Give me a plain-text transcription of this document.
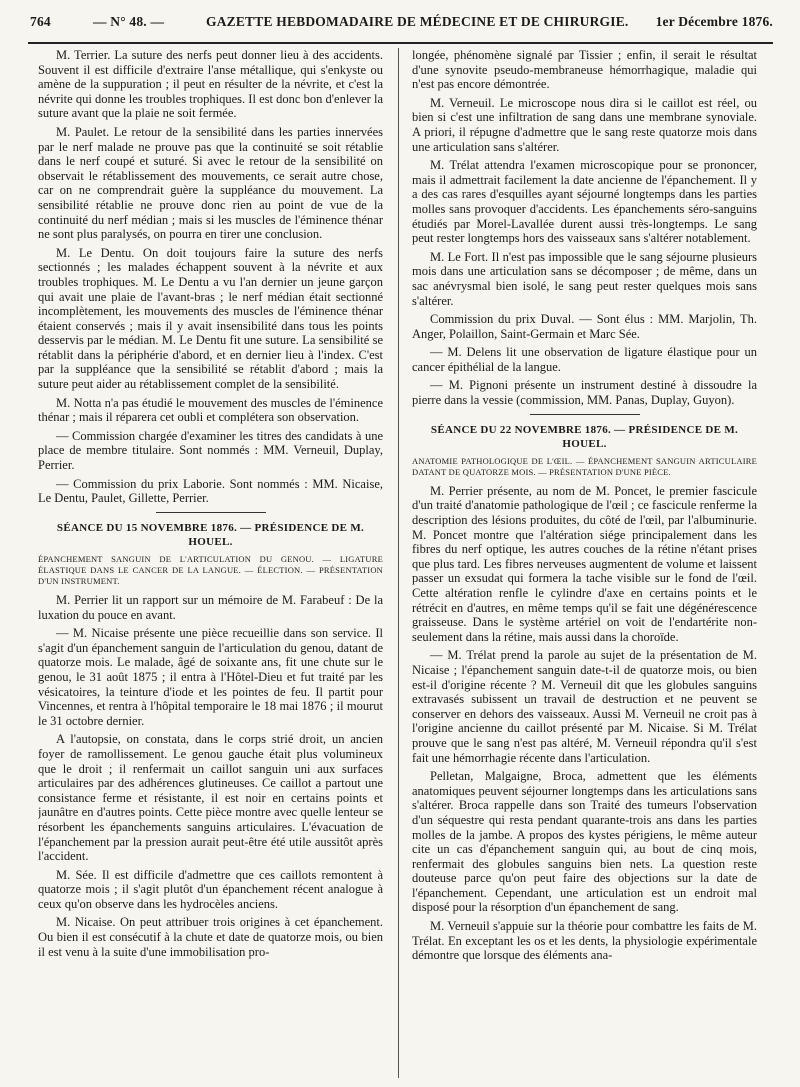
764	— N° 48. —	GAZETTE HEBDOMADAIRE DE MÉDECINE ET DE CHIRURGIE. 1er Décembre 1876.

M. Terrier. La suture des nerfs peut donner lieu à des accidents. Souvent il est difficile d'extraire l'anse métallique, qui s'enkyste ou amène de la suppuration ; il peut en résulter de la névrite, et c'est la névrite qui donne les troubles trophiques. Il est donc bon d'enlever la suture avant que la plaie ne soit fermée.

M. Paulet. Le retour de la sensibilité dans les parties innervées par le nerf malade ne prouve pas que la continuité se soit rétablie dans le nerf coupé et suturé. Si avec le retour de la sensibilité on observait le rétablissement des mouvements, ce serait autre chose, car on ne comprendrait guère la suppléance du mouvement. La sensibilité rétablie ne prouve donc rien au point de vue de la continuité du nerf médian ; mais si les muscles de l'éminence thénar ne sont plus paralysés, on pourra en tirer une conclusion.

M. Le Dentu. On doit toujours faire la suture des nerfs sectionnés ; les malades échappent souvent à la névrite et aux troubles trophiques. M. Le Dentu a vu l'an dernier un jeune garçon qui avait une plaie de l'avant-bras ; le nerf médian était sectionné incomplètement, les mouvements des muscles de l'éminence thénar étaient conservés ; mais il y avait insensibilité dans tous les points desservis par le médian. M. Le Dentu fit une suture. La sensibilité se rétablit dans la périphérie d'abord, et en dernier lieu à l'index. C'est par la suppléance que la sensibilité se rétablit d'abord ; mais la suture peut aider au rétablissement complet de la sensibilité.

M. Notta n'a pas étudié le mouvement des muscles de l'éminence thénar ; mais il réparera cet oubli et complétera son observation.

— Commission chargée d'examiner les titres des candidats à une place de membre titulaire. Sont nommés : MM. Verneuil, Duplay, Perrier.

— Commission du prix Laborie. Sont nommés : MM. Nicaise, Le Dentu, Paulet, Gillette, Perrier.

SÉANCE DU 15 NOVEMBRE 1876. — PRÉSIDENCE DE M. HOUEL.
ÉPANCHEMENT SANGUIN DE L'ARTICULATION DU GENOU. — LIGATURE ÉLASTIQUE DANS LE CANCER DE LA LANGUE. — ÉLECTION. — PRÉSENTATION D'UN INSTRUMENT.

M. Perrier lit un rapport sur un mémoire de M. Farabeuf : De la luxation du pouce en avant.

— M. Nicaise présente une pièce recueillie dans son service. Il s'agit d'un épanchement sanguin de l'articulation du genou, datant de quatorze mois. Le malade, âgé de soixante ans, fit une chute sur le genou, le 31 août 1875 ; il entra à l'Hôtel-Dieu et fut traité par les vésicatoires, la teinture d'iode et les pointes de feu. Il partit pour Vincennes, et rentra à l'hôpital temporaire le 18 mai 1876 ; il mourut le 31 octobre dernier.

A l'autopsie, on constata, dans le corps strié droit, un ancien foyer de ramollissement. Le genou gauche était plus volumineux que le droit ; il renfermait un caillot sanguin uni aux surfaces articulaires par des adhérences glutineuses. Ce caillot a partout une consistance ferme et résistante, il est noir en certains points et jaunâtre en d'autres points. Cette pièce montre avec quelle lenteur se résorbent les épanchements sanguins articulaires. L'évacuation de l'épanchement par la pression aurait peut-être été utile aussitôt après l'accident.

M. Sée. Il est difficile d'admettre que ces caillots remontent à quatorze mois ; il s'agit plutôt d'un épanchement récent analogue à ceux qu'on observe dans les hydrocèles anciens.

M. Nicaise. On peut attribuer trois origines à cet épanchement. Ou bien il est consécutif à la chute et date de quatorze mois, ou bien il est venu à la suite d'une immobilisation pro-

longée, phénomène signalé par Tissier ; enfin, il serait le résultat d'une synovite pseudo-membraneuse hémorrhagique, maladie qui n'est pas encore démontrée.

M. Verneuil. Le microscope nous dira si le caillot est réel, ou bien si c'est une infiltration de sang dans une membrane synoviale. A priori, il répugne d'admettre que le sang reste quatorze mois dans une articulation sans s'altérer.

M. Trélat attendra l'examen microscopique pour se prononcer, mais il admettrait facilement la date ancienne de l'épanchement. Il y a des cas rares d'esquilles ayant séjourné longtemps dans les parties molles sans provoquer d'accidents. Les épanchements séro-sanguins étudiés par Morel-Lavallée durent aussi très-longtemps. Le sang peut rester longtemps hors des vaisseaux sans s'altérer notablement.

M. Le Fort. Il n'est pas impossible que le sang séjourne plusieurs mois dans une articulation sans se décomposer ; de même, dans un sac anévrysmal bien isolé, le sang peut rester quelques mois sans s'altérer.

Commission du prix Duval. — Sont élus : MM. Marjolin, Th. Anger, Polaillon, Saint-Germain et Marc Sée.

— M. Delens lit une observation de ligature élastique pour un cancer épithélial de la langue.

— M. Pignoni présente un instrument destiné à dissoudre la pierre dans la vessie (commission, MM. Panas, Duplay, Guyon).

SÉANCE DU 22 NOVEMBRE 1876. — PRÉSIDENCE DE M. HOUEL.
ANATOMIE PATHOLOGIQUE DE L'ŒIL. — ÉPANCHEMENT SANGUIN ARTICULAIRE DATANT DE QUATORZE MOIS. — PRÉSENTATION D'UNE PIÈCE.

M. Perrier présente, au nom de M. Poncet, le premier fascicule d'un traité d'anatomie pathologique de l'œil ; ce fascicule renferme la description des lésions produites, du côté de l'œil, par l'albuminurie. M. Poncet montre que l'altération siége principalement dans les fibres du nerf optique, les autres couches de la rétine n'étant prises que plus tard. Les fibres nerveuses augmentent de volume et laissent passer un exsudat qui formera la tache visible sur le fond de l'œil. Cette altération renfle le cylindre d'axe en certains points et le rétrécit en d'autres, en même temps qu'il se fait une dégénérescence graisseuse. Dans le système artériel on voit de l'endartérite non-seulement dans la rétine, mais aussi dans la choroïde.

— M. Trélat prend la parole au sujet de la présentation de M. Nicaise ; l'épanchement sanguin date-t-il de quatorze mois, ou bien est-il d'origine récente ? M. Verneuil dit que les globules sanguins extravasés subissent un travail de destruction et ne peuvent se conserver en dehors des vaisseaux. Aussi M. Verneuil ne croit pas à l'origine ancienne du caillot présenté par M. Nicaise. Si M. Trélat prouve que le sang n'est pas altéré, M. Verneuil répondra qu'il s'est fait une hémorrhagie récente dans l'articulation.

Pelletan, Malgaigne, Broca, admettent que les éléments anatomiques peuvent séjourner longtemps dans les articulations sans s'altérer. Broca rappelle dans son Traité des tumeurs l'observation d'un séquestre qui resta pendant quarante-trois ans dans les parties molles de la jambe. A propos des kystes périgiens, le même auteur cite un cas d'épanchement sanguin qui, au bout de cinq mois, renfermait des globules sanguins bien nets. La question reste douteuse parce qu'on peut faire des objections sur la date de l'épanchement. Cependant, une articulation est un endroit mal disposé pour la résorption d'un épanchement de sang.

M. Verneuil s'appuie sur la théorie pour combattre les faits de M. Trélat. En exceptant les os et les dents, la physiologie expérimentale démontre que lorsque des éléments ana-
